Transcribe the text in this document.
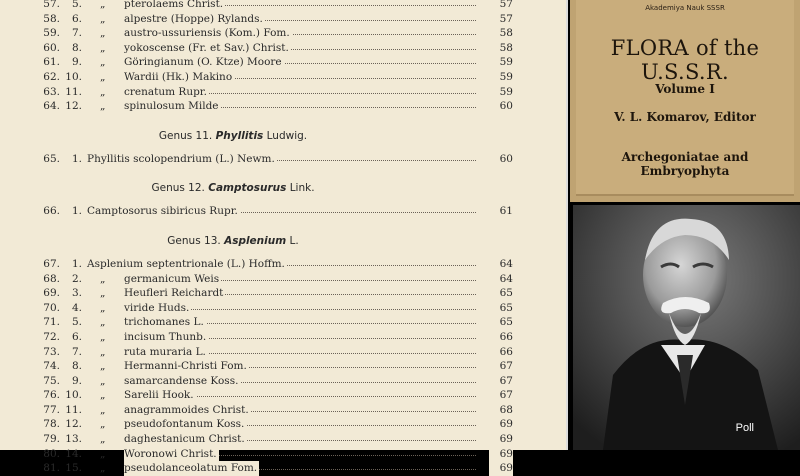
57.	5. „ pterolaems Christ.	57
58.	6. „ alpestre (Hoppe) Rylands.	57
59.	7. „ austro-ussuriensis (Kom.) Fom.	58
60.	8. „ yokoscense (Fr. et Sav.) Christ.	58
61.	9. „ Göringianum (O. Ktze) Moore	59
62. 10. „ Wardii (Hk.) Makino	59
63. 11. „ crenatum Rupr.	59
64. 12. „ spinulosum Milde	60
Genus 11. Phyllitis Ludwig.
65.	1. Phyllitis scolopendrium (L.) Newm.	60
Genus 12. Camptosurus Link.
66.	1. Camptosorus sibiricus Rupr.	61
Genus 13. Asplenium L.
67.	1. Asplenium septentrionale (L.) Hoffm.	64
68.	2. „ germanicum Weis	64
69.	3. „ Heufleri Reichardt	65
70.	4. „ viride Huds.	65
71.	5. „ trichomanes L.	65
72.	6. „ incisum Thunb.	66
73.	7. „ ruta muraria L.	66
74.	8. „ Hermanni-Christi Fom.	67
75.	9. „ samarcandense Koss.	67
76. 10. „ Sarelii Hook.	67
77. 11. „ anagrammoides Christ.	68
78. 12. „ pseudofontanum Koss.	69
79. 13. „ daghestanicum Christ.	69
80. 14. „ Woronowi Christ.	69
81. 15. „ pseudolanceolatum Fom.	69
Akademiya Nauk SSSR
FLORA of the U.S.S.R.
Volume I
V. L. Komarov, Editor
Archegoniatae and Embryophyta
Poll
